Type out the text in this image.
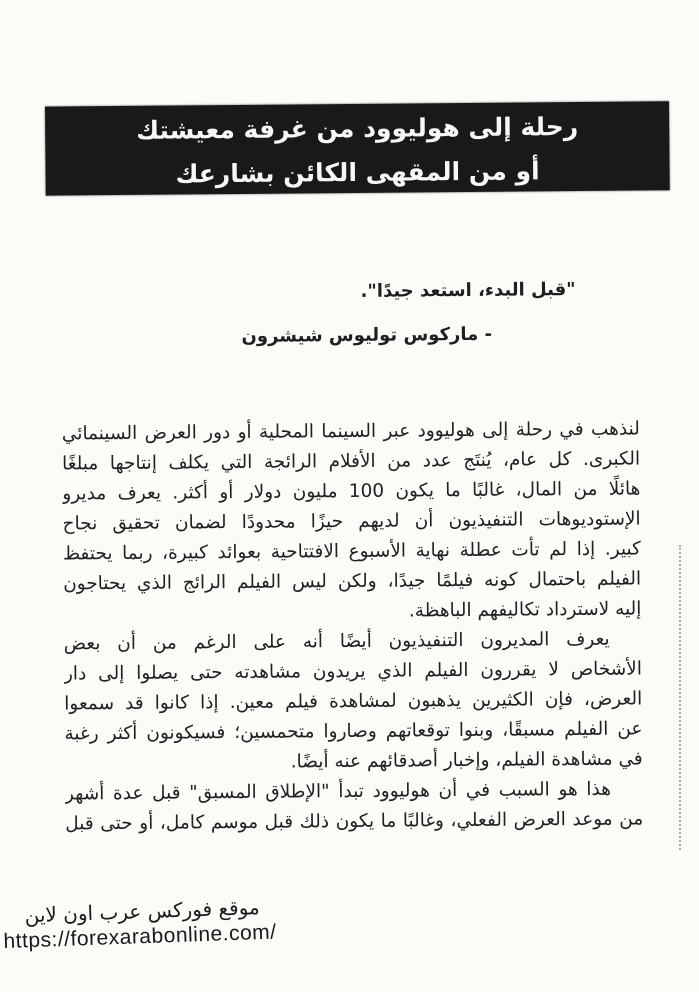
رحلة إلى هوليوود من غرفة معيشتك
أو من المقهى الكائن بشارعك
"قبل البدء، استعد جيدًا".
- ماركوس توليوس شيشرون
لنذهب في رحلة إلى هوليوود عبر السينما المحلية أو دور العرض السينمائي
الكبرى. كل عام، يُنتَج عدد من الأفلام الرائجة التي يكلف إنتاجها مبلغًا
هائلًا من المال، غالبًا ما يكون 100 مليون دولار أو أكثر. يعرف مديرو
الإستوديوهات التنفيذيون أن لديهم حيزًا محدودًا لضمان تحقيق نجاح
كبير. إذا لم تأت عطلة نهاية الأسبوع الافتتاحية بعوائد كبيرة، ربما يحتفظ
الفيلم باحتمال كونه فيلمًا جيدًا، ولكن ليس الفيلم الرائج الذي يحتاجون
إليه لاسترداد تكاليفهم الباهظة.
يعرف المديرون التنفيذيون أيضًا أنه على الرغم من أن بعض
الأشخاص لا يقررون الفيلم الذي يريدون مشاهدته حتى يصلوا إلى دار
العرض، فإن الكثيرين يذهبون لمشاهدة فيلم معين. إذا كانوا قد سمعوا
عن الفيلم مسبقًا، وبنوا توقعاتهم وصاروا متحمسين؛ فسيكونون أكثر رغبة
في مشاهدة الفيلم، وإخبار أصدقائهم عنه أيضًا.
هذا هو السبب في أن هوليوود تبدأ "الإطلاق المسبق" قبل عدة أشهر
من موعد العرض الفعلي، وغالبًا ما يكون ذلك قبل موسم كامل، أو حتى قبل
موقع فوركس عرب اون لاين
https://forexarabonline.com/
